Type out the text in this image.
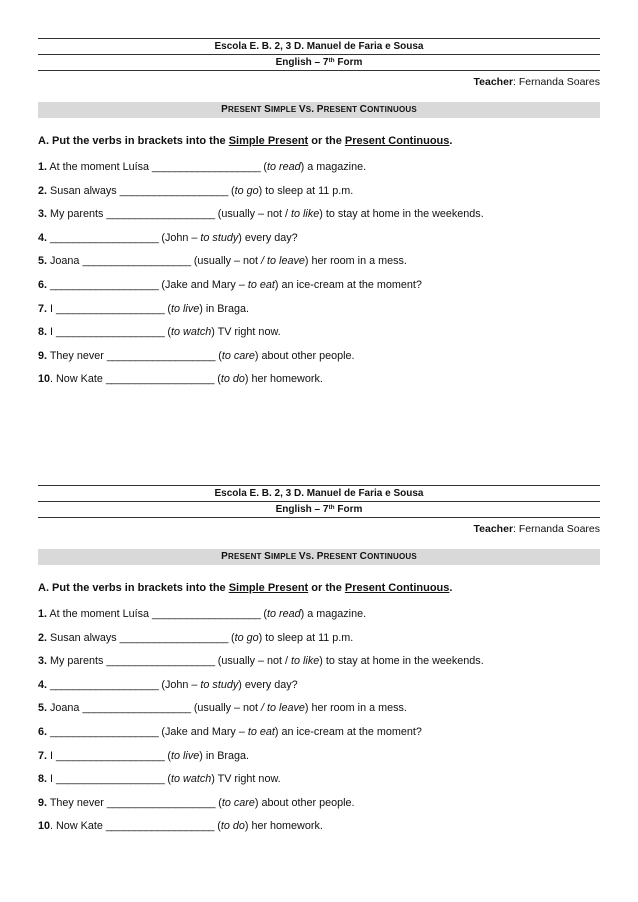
Escola E. B. 2, 3 D. Manuel de Faria e Sousa
English – 7th Form
Teacher: Fernanda Soares
PRESENT SIMPLE VS. PRESENT CONTINUOUS
A. Put the verbs in brackets into the Simple Present or the Present Continuous.
1. At the moment Luísa ___________________ (to read) a magazine.
2. Susan always ___________________ (to go) to sleep at 11 p.m.
3. My parents ___________________ (usually – not / to like) to stay at home in the weekends.
4. ___________________ (John – to study) every day?
5. Joana ___________________ (usually – not / to leave) her room in a mess.
6. ___________________ (Jake and Mary – to eat) an ice-cream at the moment?
7. I ___________________ (to live) in Braga.
8. I ___________________ (to watch) TV right now.
9. They never ___________________ (to care) about other people.
10. Now Kate ___________________ (to do) her homework.
Escola E. B. 2, 3 D. Manuel de Faria e Sousa
English – 7th Form
Teacher: Fernanda Soares
PRESENT SIMPLE VS. PRESENT CONTINUOUS
A. Put the verbs in brackets into the Simple Present or the Present Continuous.
1. At the moment Luísa ___________________ (to read) a magazine.
2. Susan always ___________________ (to go) to sleep at 11 p.m.
3. My parents ___________________ (usually – not / to like) to stay at home in the weekends.
4. ___________________ (John – to study) every day?
5. Joana ___________________ (usually – not / to leave) her room in a mess.
6. ___________________ (Jake and Mary – to eat) an ice-cream at the moment?
7. I ___________________ (to live) in Braga.
8. I ___________________ (to watch) TV right now.
9. They never ___________________ (to care) about other people.
10. Now Kate ___________________ (to do) her homework.
